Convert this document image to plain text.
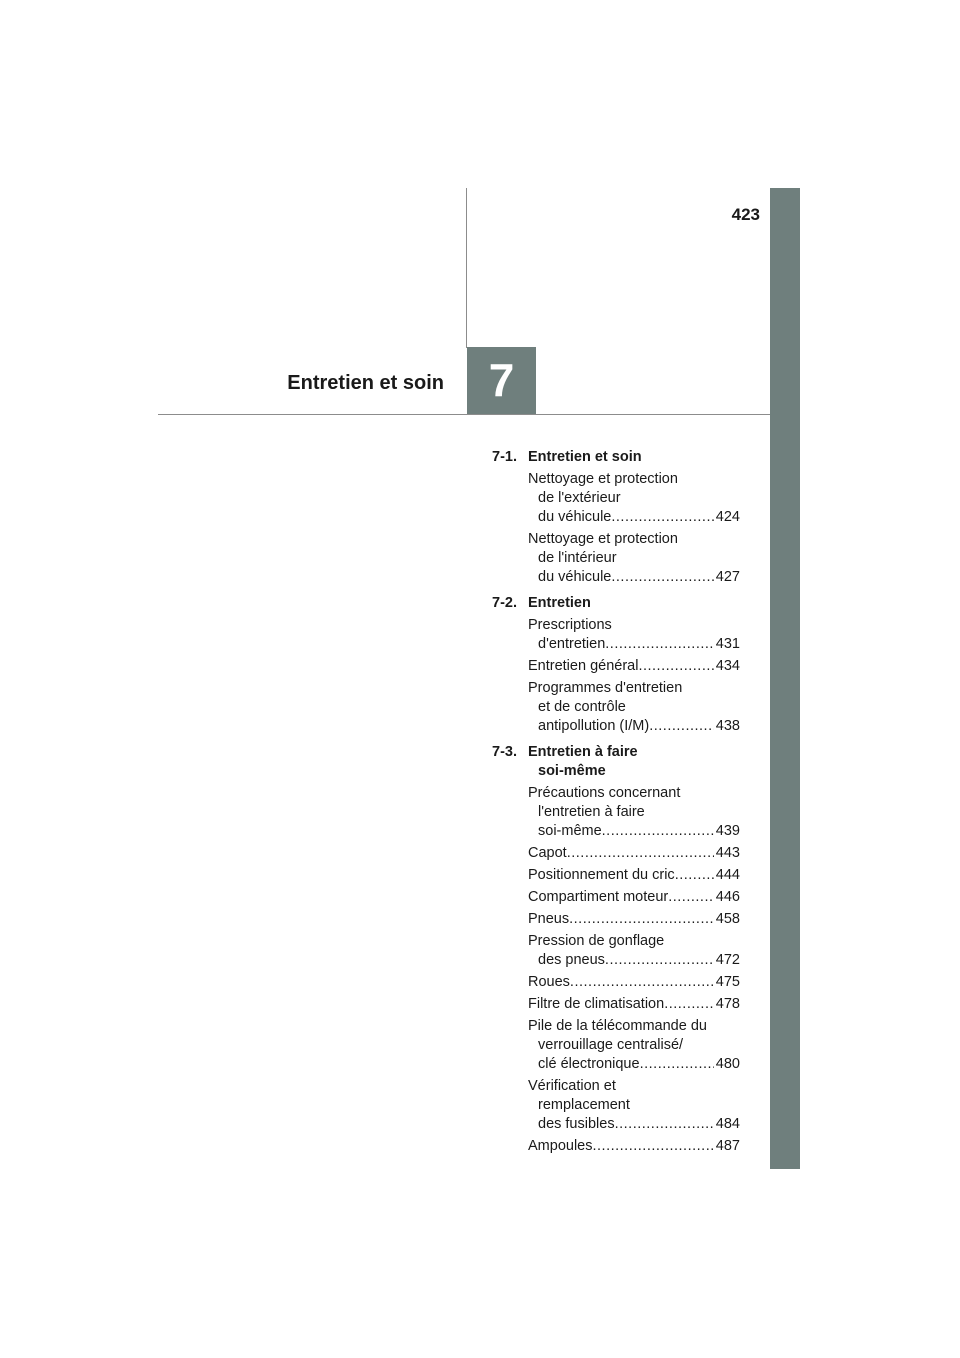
423
Entretien et soin 7
7-1. Entretien et soin
Nettoyage et protection
de l'extérieur
du véhicule .....	424
Nettoyage et protection
de l'intérieur
du véhicule .....	427
7-2. Entretien
Prescriptions
d'entretien .....	431
Entretien général .....	434
Programmes d'entretien
et de contrôle
antipollution (I/M) .....	438
7-3. Entretien à faire
soi-même
Précautions concernant
l'entretien à faire
soi-même .....	439
Capot .....	443
Positionnement du cric .....	444
Compartiment moteur .....	446
Pneus .....	458
Pression de gonflage
des pneus .....	472
Roues .....	475
Filtre de climatisation .....	478
Pile de la télécommande du
verrouillage centralisé/
clé électronique .....	480
Vérification et
remplacement
des fusibles .....	484
Ampoules .....	487
